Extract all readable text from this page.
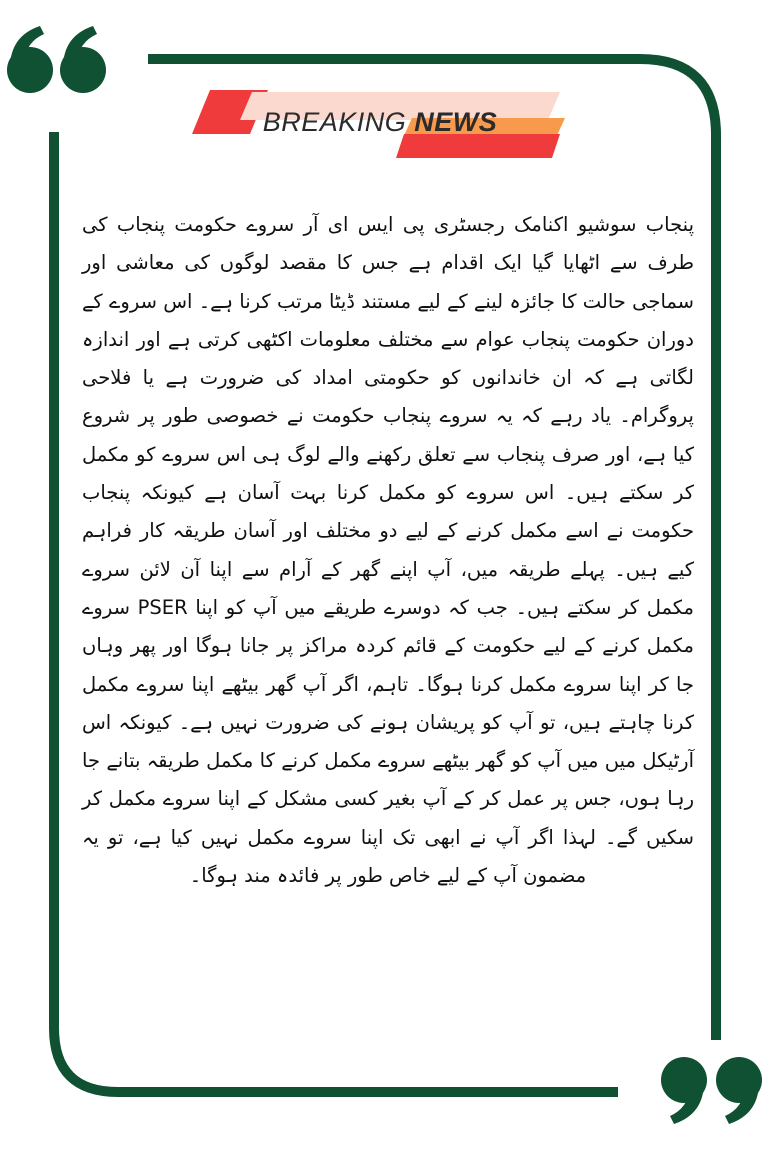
BREAKING NEWS

پنجاب سوشیو اکنامک رجسٹری پی ایس ای آر سروے حکومت پنجاب کی طرف سے اٹھایا گیا ایک اقدام ہے جس کا مقصد لوگوں کی معاشی اور سماجی حالت کا جائزہ لینے کے لیے مستند ڈیٹا مرتب کرنا ہے۔ اس سروے کے دوران حکومت پنجاب عوام سے مختلف معلومات اکٹھی کرتی ہے اور اندازہ لگاتی ہے کہ ان خاندانوں کو حکومتی امداد کی ضرورت ہے یا فلاحی پروگرام۔ یاد رہے کہ یہ سروے پنجاب حکومت نے خصوصی طور پر شروع کیا ہے، اور صرف پنجاب سے تعلق رکھنے والے لوگ ہی اس سروے کو مکمل کر سکتے ہیں۔ اس سروے کو مکمل کرنا بہت آسان ہے کیونکہ پنجاب حکومت نے اسے مکمل کرنے کے لیے دو مختلف اور آسان طریقہ کار فراہم کیے ہیں۔ پہلے طریقہ میں، آپ اپنے گھر کے آرام سے اپنا آن لائن سروے مکمل کر سکتے ہیں۔ جب کہ دوسرے طریقے میں آپ کو اپنا PSER سروے مکمل کرنے کے لیے حکومت کے قائم کردہ مراکز پر جانا ہوگا اور پھر وہاں جا کر اپنا سروے مکمل کرنا ہوگا۔ تاہم، اگر آپ گھر بیٹھے اپنا سروے مکمل کرنا چاہتے ہیں، تو آپ کو پریشان ہونے کی ضرورت نہیں ہے۔ کیونکہ اس آرٹیکل میں میں آپ کو گھر بیٹھے سروے مکمل کرنے کا مکمل طریقہ بتانے جا رہا ہوں، جس پر عمل کر کے آپ بغیر کسی مشکل کے اپنا سروے مکمل کر سکیں گے۔ لہذا اگر آپ نے ابھی تک اپنا سروے مکمل نہیں کیا ہے، تو یہ مضمون آپ کے لیے خاص طور پر فائدہ مند ہوگا۔
